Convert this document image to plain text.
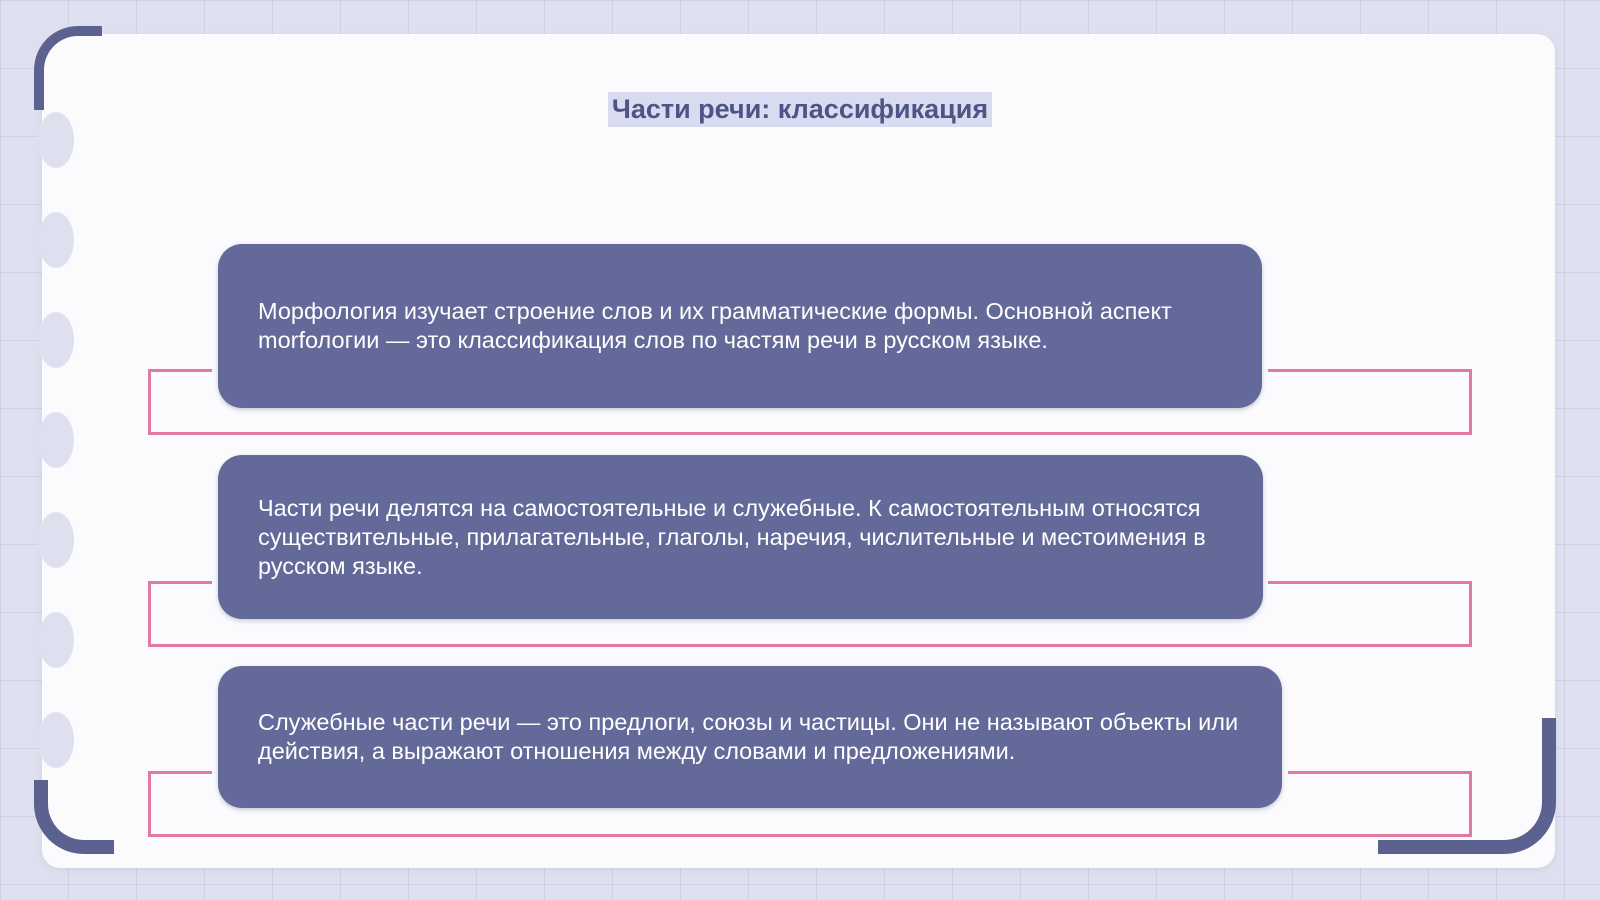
Части речи: классификация

Морфология изучает строение слов и их грамматические формы. Основной аспект morfологии — это классификация слов по частям речи в русском языке.

Части речи делятся на самостоятельные и служебные. К самостоятельным относятся существительные, прилагательные, глаголы, наречия, числительные и местоимения в русском языке.

Служебные части речи — это предлоги, союзы и частицы. Они не называют объекты или действия, а выражают отношения между словами и предложениями.
